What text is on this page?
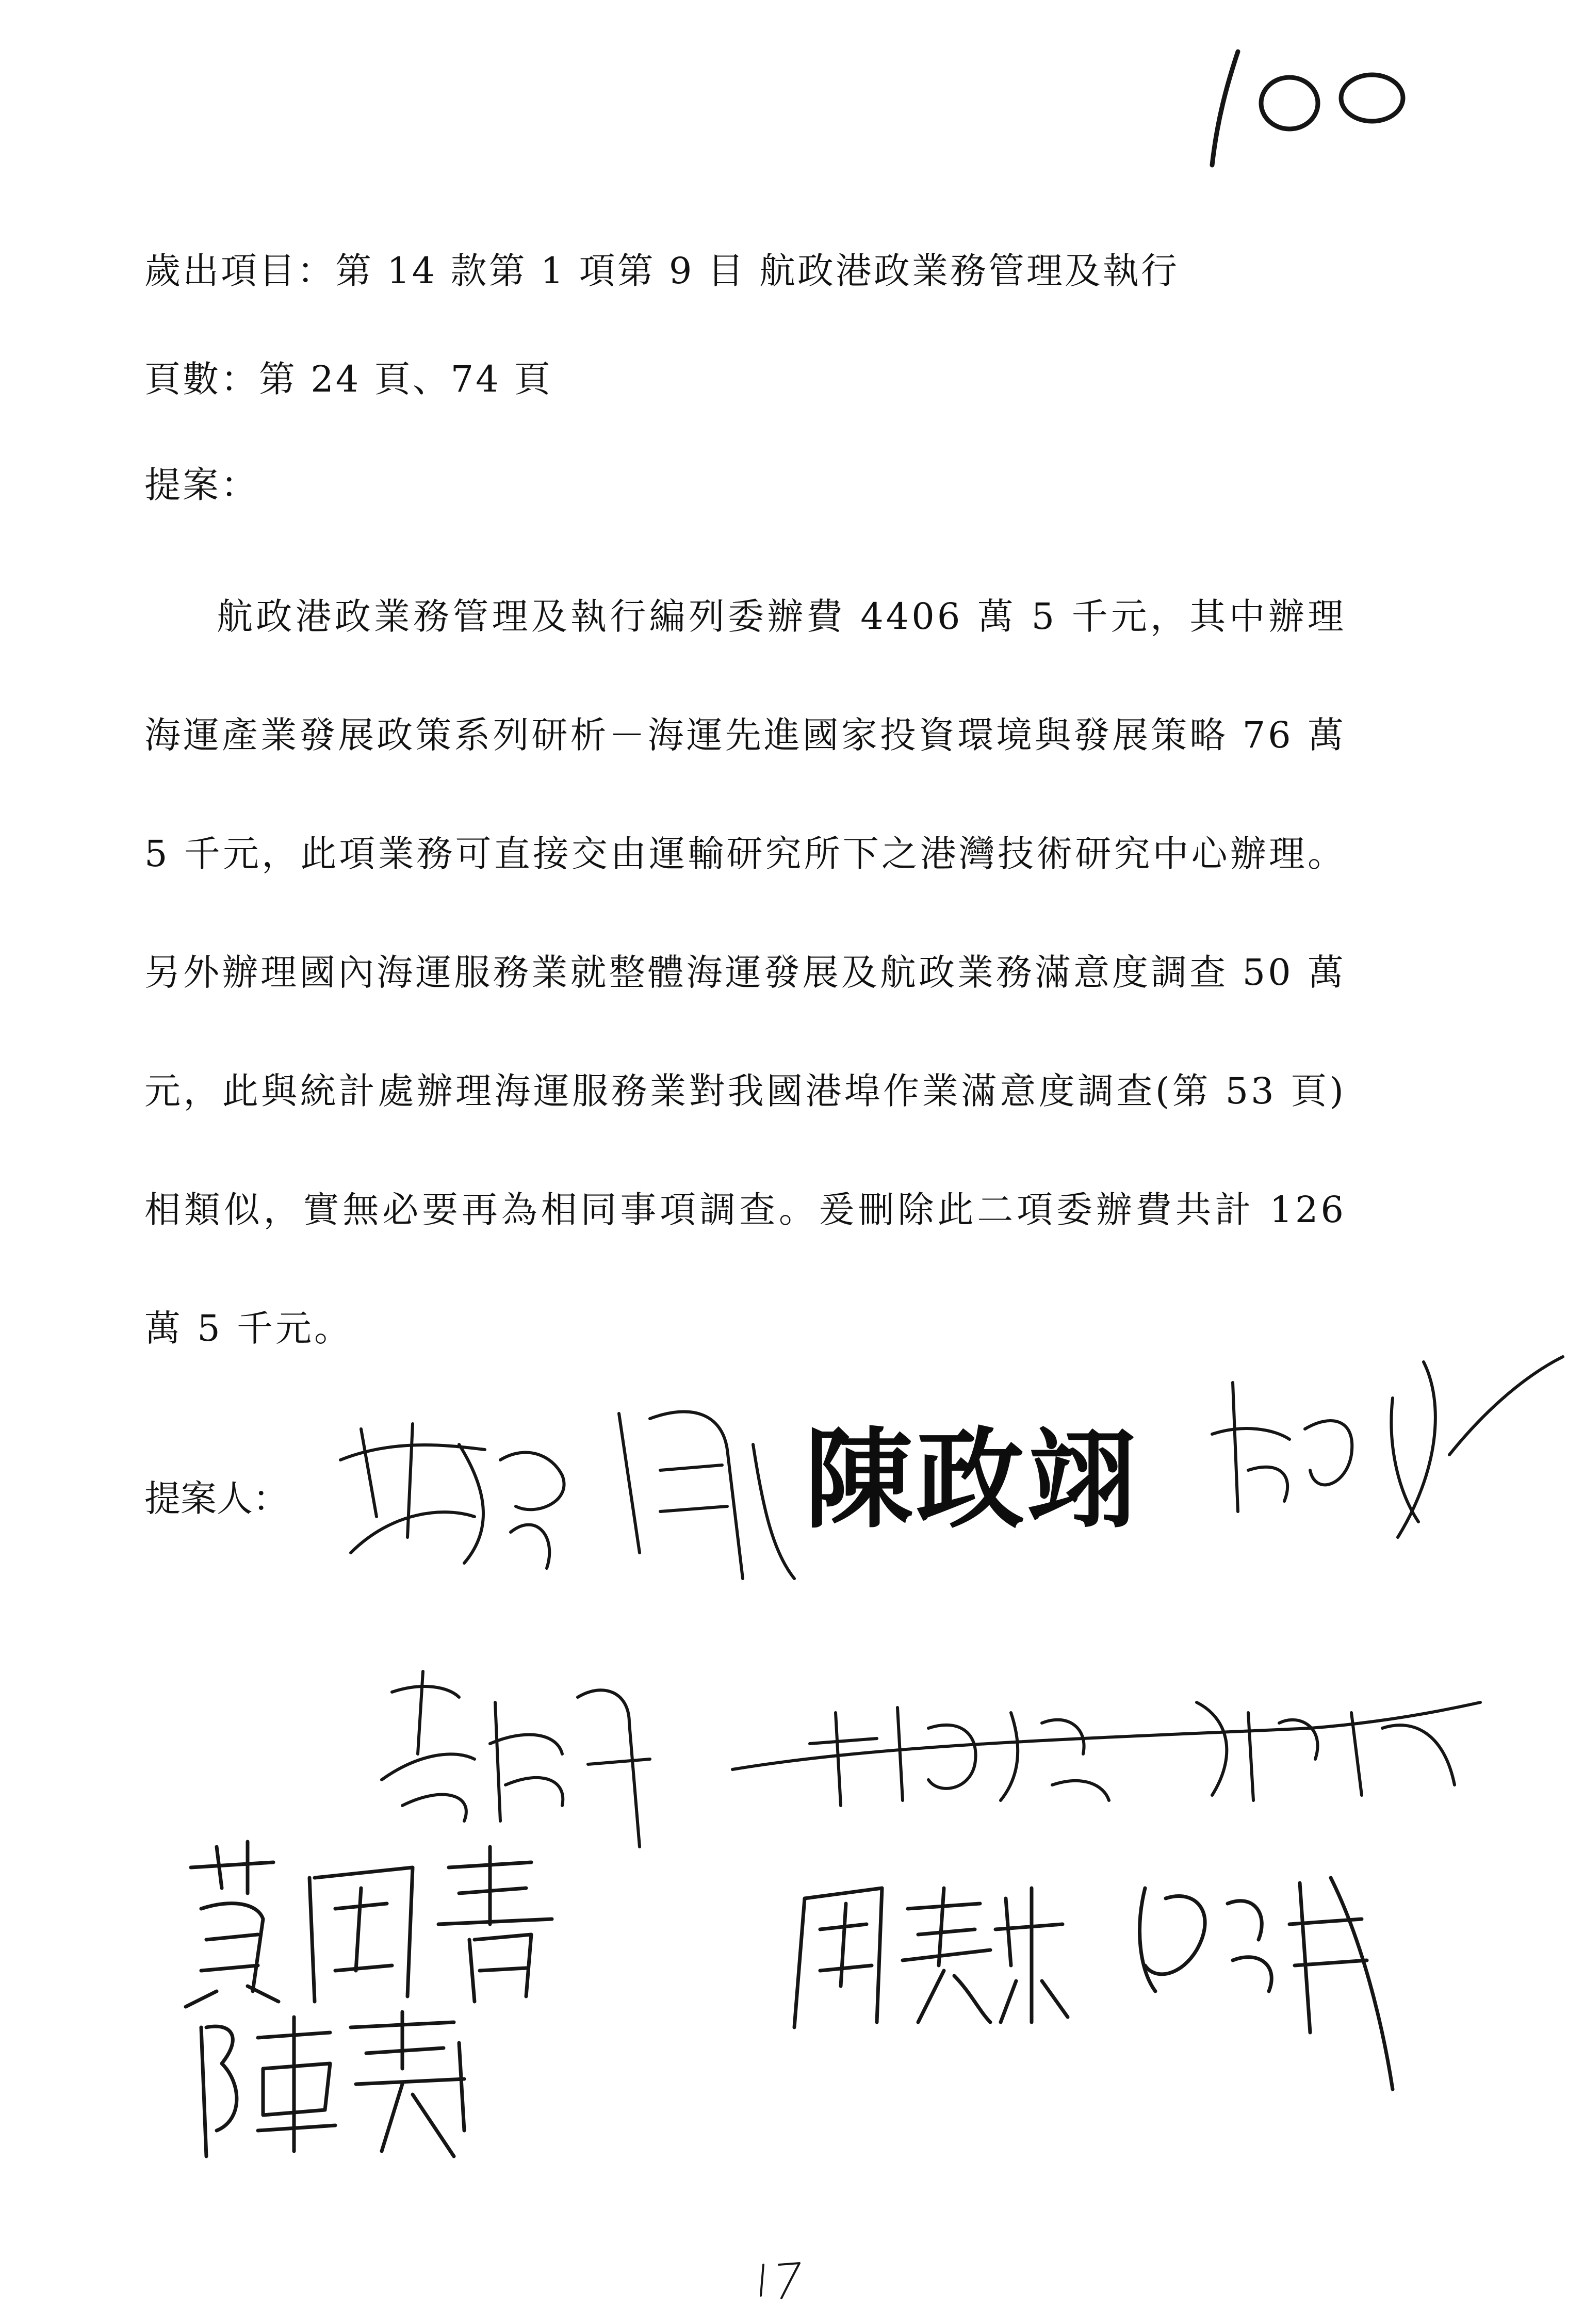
歲出項目：第 14 款第 1 項第 9 目 航政港政業務管理及執行
頁數：第 24 頁、74 頁
提案：

航政港政業務管理及執行編列委辦費 4406 萬 5 千元，其中辦理海運產業發展政策系列研析－海運先進國家投資環境與發展策略 76 萬 5 千元，此項業務可直接交由運輸研究所下之港灣技術研究中心辦理。另外辦理國內海運服務業就整體海運發展及航政業務滿意度調查 50 萬元，此與統計處辦理海運服務業對我國港埠作業滿意度調查(第 53 頁)相類似，實無必要再為相同事項調查。爰刪除此二項委辦費共計 126 萬 5 千元。

提案人：	陳政翊
